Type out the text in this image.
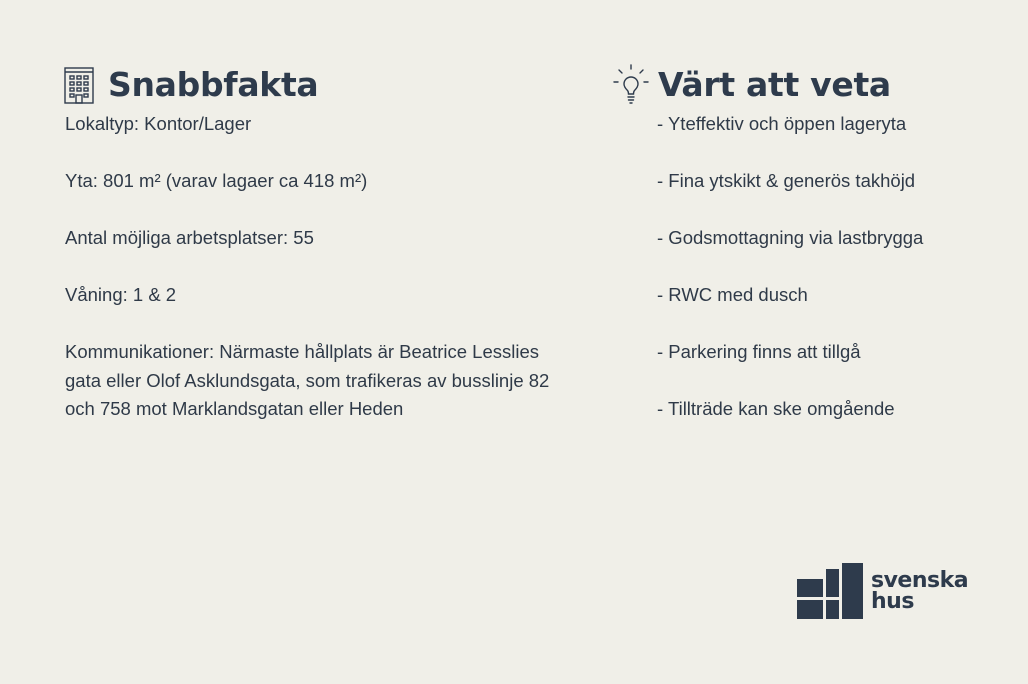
Snabbfakta

Lokaltyp: Kontor/Lager

Yta: 801 m² (varav lagaer ca 418 m²)

Antal möjliga arbetsplatser: 55

Våning: 1 & 2

Kommunikationer: Närmaste hållplats är Beatrice Lesslies gata eller Olof Asklundsgata, som trafikeras av busslinje 82 och 758 mot Marklandsgatan eller Heden

Värt att veta

- Yteffektiv och öppen lageryta

- Fina ytskikt & generös takhöjd

- Godsmottagning via lastbrygga

- RWC med dusch

- Parkering finns att tillgå

- Tillträde kan ske omgående

svenska
hus
